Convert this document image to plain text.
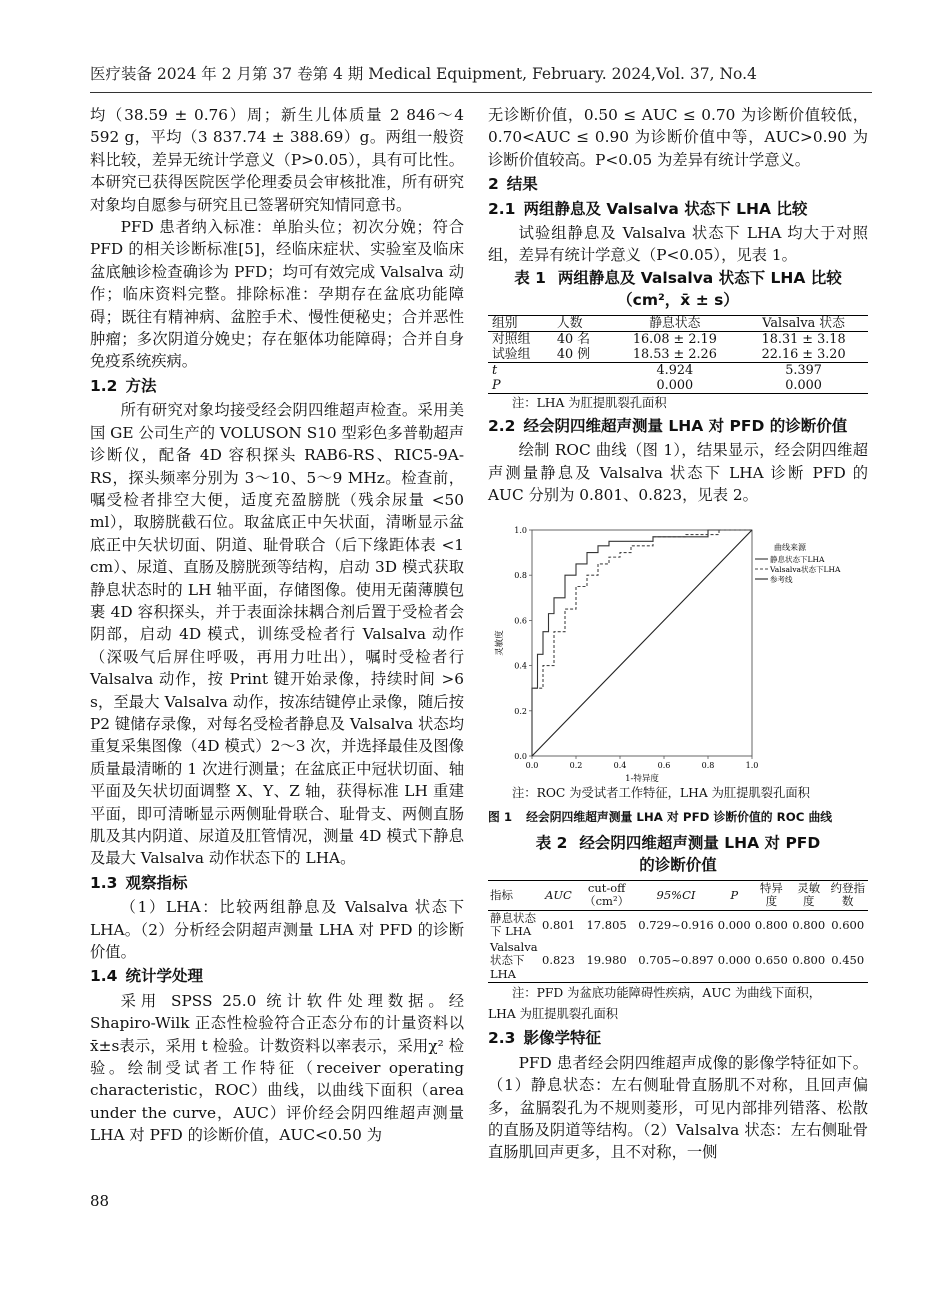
医疗装备 2024 年 2 月第 37 卷第 4 期 Medical Equipment, February. 2024,Vol. 37, No.4

均（38.59 ± 0.76）周；新生儿体质量 2 846～4 592 g，平均（3 837.74 ± 388.69）g。两组一般资料比较，差异无统计学意义（P>0.05），具有可比性。本研究已获得医院医学伦理委员会审核批准，所有研究对象均自愿参与研究且已签署研究知情同意书。

PFD 患者纳入标准：单胎头位；初次分娩；符合 PFD 的相关诊断标准[5]，经临床症状、实验室及临床盆底触诊检查确诊为 PFD；均可有效完成 Valsalva 动作；临床资料完整。排除标准：孕期存在盆底功能障碍；既往有精神病、盆腔手术、慢性便秘史；合并恶性肿瘤；多次阴道分娩史；存在躯体功能障碍；合并自身免疫系统疾病。

1.2 方法

所有研究对象均接受经会阴四维超声检查。采用美国 GE 公司生产的 VOLUSON S10 型彩色多普勒超声诊断仪，配备 4D 容积探头 RAB6-RS、RIC5-9A-RS，探头频率分别为 3～10、5～9 MHz。检查前，嘱受检者排空大便，适度充盈膀胱（残余尿量 <50 ml），取膀胱截石位。取盆底正中矢状面，清晰显示盆底正中矢状切面、阴道、耻骨联合（后下缘距体表 <1 cm）、尿道、直肠及膀胱颈等结构，启动 3D 模式获取静息状态时的 LH 轴平面，存储图像。使用无菌薄膜包裹 4D 容积探头，并于表面涂抹耦合剂后置于受检者会阴部，启动 4D 模式，训练受检者行 Valsalva 动作（深吸气后屏住呼吸，再用力吐出），嘱时受检者行 Valsalva 动作，按 Print 键开始录像，持续时间 >6 s，至最大 Valsalva 动作，按冻结键停止录像，随后按 P2 键储存录像，对每名受检者静息及 Valsalva 状态均重复采集图像（4D 模式）2～3 次，并选择最佳及图像质量最清晰的 1 次进行测量；在盆底正中冠状切面、轴平面及矢状切面调整 X、Y、Z 轴，获得标准 LH 重建平面，即可清晰显示两侧耻骨联合、耻骨支、两侧直肠肌及其内阴道、尿道及肛管情况，测量 4D 模式下静息及最大 Valsalva 动作状态下的 LHA。

1.3 观察指标

（1）LHA：比较两组静息及 Valsalva 状态下 LHA。（2）分析经会阴超声测量 LHA 对 PFD 的诊断价值。

1.4 统计学处理

采用 SPSS 25.0 统计软件处理数据。经 Shapiro-Wilk 正态性检验符合正态分布的计量资料以x̄±s表示，采用 t 检验。计数资料以率表示，采用χ² 检验。绘制受试者工作特征（receiver operating characteristic，ROC）曲线，以曲线下面积（area under the curve，AUC）评价经会阴四维超声测量 LHA 对 PFD 的诊断价值，AUC<0.50 为

无诊断价值，0.50 ≤ AUC ≤ 0.70 为诊断价值较低，0.70<AUC ≤ 0.90 为诊断价值中等，AUC>0.90 为诊断价值较高。P<0.05 为差异有统计学意义。

2 结果
2.1 两组静息及 Valsalva 状态下 LHA 比较

试验组静息及 Valsalva 状态下 LHA 均大于对照组，差异有统计学意义（P<0.05），见表 1。

表 1 两组静息及 Valsalva 状态下 LHA 比较
（cm²，x̄ ± s）
组别	人数	静息状态	Valsalva 状态
对照组	40 名	16.08 ± 2.19	18.31 ± 3.18
试验组	40 例	18.53 ± 2.26	22.16 ± 3.20
t		4.924	5.397
P		0.000	0.000
注：LHA 为肛提肌裂孔面积
2.2 经会阴四维超声测量 LHA 对 PFD 的诊断价值

绘制 ROC 曲线（图 1），结果显示，经会阴四维超声测量静息及 Valsalva 状态下 LHA 诊断 PFD 的 AUC 分别为 0.801、0.823，见表 2。

0.0
0.0
0.2
0.2
0.4
0.4
0.6
0.6
0.8
0.8
1.0
1.0
1-特异度
灵敏度
曲线来源
静息状态下LHA
Valsalva状态下LHA
参考线
注：ROC 为受试者工作特征，LHA 为肛提肌裂孔面积
图 1 经会阴四维超声测量 LHA 对 PFD 诊断价值的 ROC 曲线
表 2 经会阴四维超声测量 LHA 对 PFD
的诊断价值
指标	AUC	cut-off（cm²）	95%CI	P	特异度	灵敏度	约登指数
静息状态下 LHA	0.801	17.805	0.729~0.916	0.000	0.800	0.800	0.600
Valsalva 状态下 LHA	0.823	19.980	0.705~0.897	0.000	0.650	0.800	0.450
注：PFD 为盆底功能障碍性疾病，AUC 为曲线下面积，
LHA 为肛提肌裂孔面积
2.3 影像学特征

PFD 患者经会阴四维超声成像的影像学特征如下。（1）静息状态：左右侧耻骨直肠肌不对称，且回声偏多，盆膈裂孔为不规则菱形，可见内部排列错落、松散的直肠及阴道等结构。（2）Valsalva 状态：左右侧耻骨直肠肌回声更多，且不对称，一侧

88
